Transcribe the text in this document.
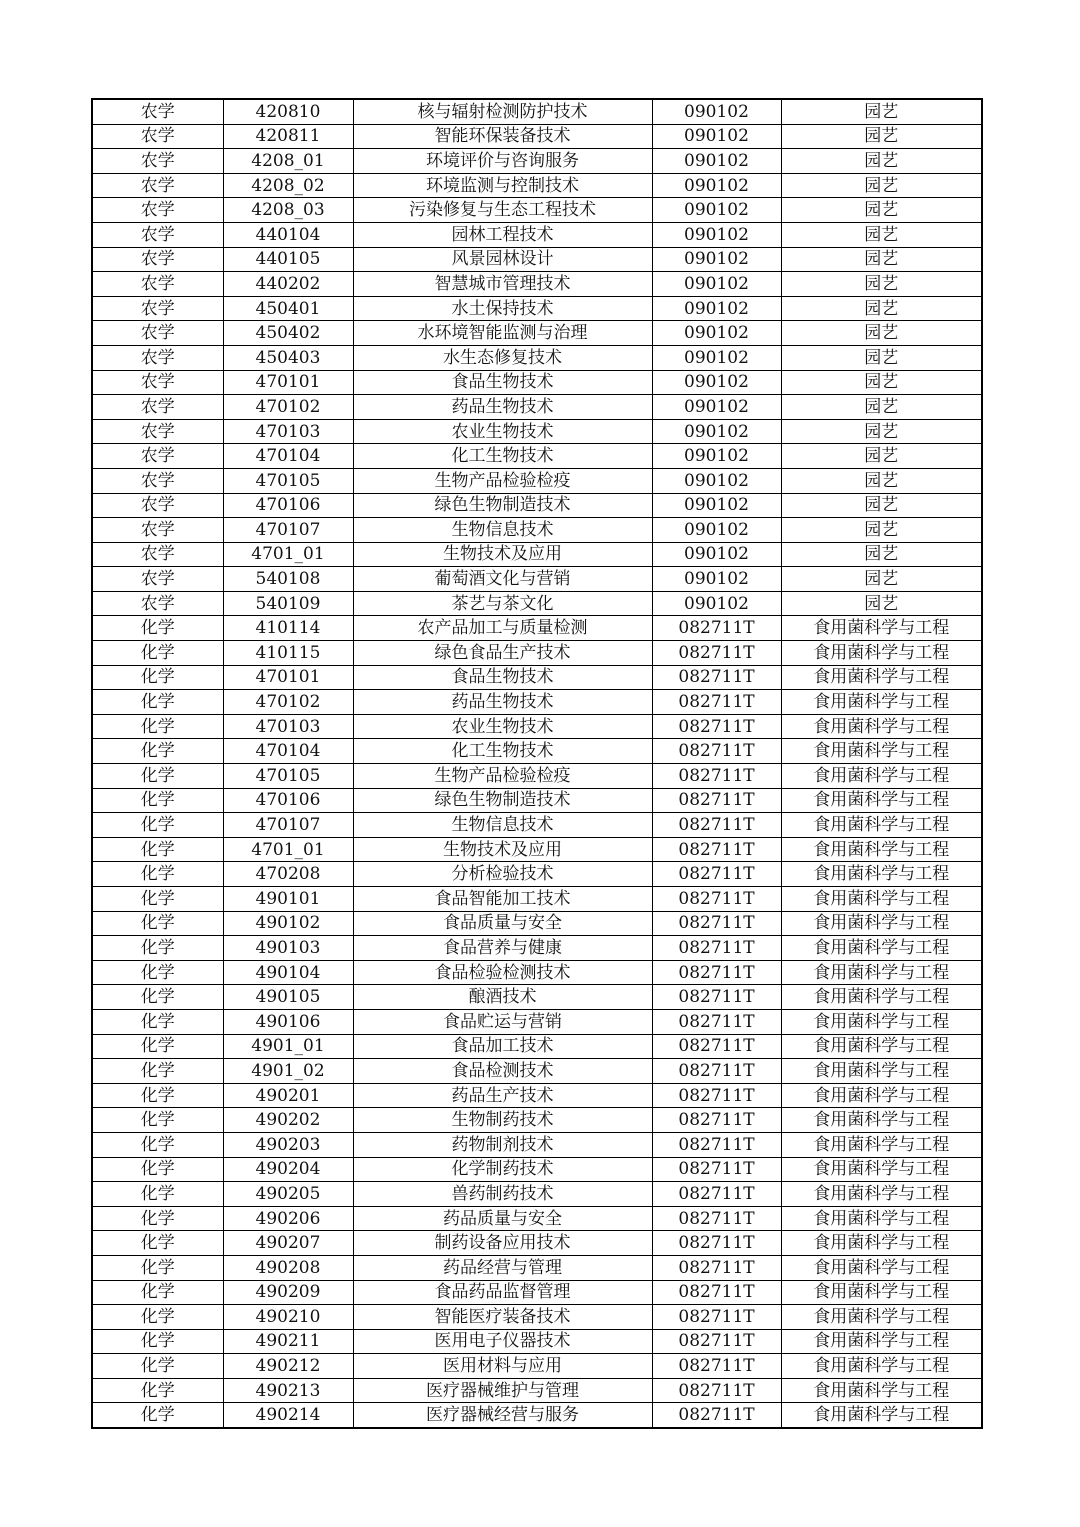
农学	420810	核与辐射检测防护技术	090102	园艺
农学	420811	智能环保装备技术	090102	园艺
农学	4208_01	环境评价与咨询服务	090102	园艺
农学	4208_02	环境监测与控制技术	090102	园艺
农学	4208_03	污染修复与生态工程技术	090102	园艺
农学	440104	园林工程技术	090102	园艺
农学	440105	风景园林设计	090102	园艺
农学	440202	智慧城市管理技术	090102	园艺
农学	450401	水土保持技术	090102	园艺
农学	450402	水环境智能监测与治理	090102	园艺
农学	450403	水生态修复技术	090102	园艺
农学	470101	食品生物技术	090102	园艺
农学	470102	药品生物技术	090102	园艺
农学	470103	农业生物技术	090102	园艺
农学	470104	化工生物技术	090102	园艺
农学	470105	生物产品检验检疫	090102	园艺
农学	470106	绿色生物制造技术	090102	园艺
农学	470107	生物信息技术	090102	园艺
农学	4701_01	生物技术及应用	090102	园艺
农学	540108	葡萄酒文化与营销	090102	园艺
农学	540109	茶艺与茶文化	090102	园艺
化学	410114	农产品加工与质量检测	082711T	食用菌科学与工程
化学	410115	绿色食品生产技术	082711T	食用菌科学与工程
化学	470101	食品生物技术	082711T	食用菌科学与工程
化学	470102	药品生物技术	082711T	食用菌科学与工程
化学	470103	农业生物技术	082711T	食用菌科学与工程
化学	470104	化工生物技术	082711T	食用菌科学与工程
化学	470105	生物产品检验检疫	082711T	食用菌科学与工程
化学	470106	绿色生物制造技术	082711T	食用菌科学与工程
化学	470107	生物信息技术	082711T	食用菌科学与工程
化学	4701_01	生物技术及应用	082711T	食用菌科学与工程
化学	470208	分析检验技术	082711T	食用菌科学与工程
化学	490101	食品智能加工技术	082711T	食用菌科学与工程
化学	490102	食品质量与安全	082711T	食用菌科学与工程
化学	490103	食品营养与健康	082711T	食用菌科学与工程
化学	490104	食品检验检测技术	082711T	食用菌科学与工程
化学	490105	酿酒技术	082711T	食用菌科学与工程
化学	490106	食品贮运与营销	082711T	食用菌科学与工程
化学	4901_01	食品加工技术	082711T	食用菌科学与工程
化学	4901_02	食品检测技术	082711T	食用菌科学与工程
化学	490201	药品生产技术	082711T	食用菌科学与工程
化学	490202	生物制药技术	082711T	食用菌科学与工程
化学	490203	药物制剂技术	082711T	食用菌科学与工程
化学	490204	化学制药技术	082711T	食用菌科学与工程
化学	490205	兽药制药技术	082711T	食用菌科学与工程
化学	490206	药品质量与安全	082711T	食用菌科学与工程
化学	490207	制药设备应用技术	082711T	食用菌科学与工程
化学	490208	药品经营与管理	082711T	食用菌科学与工程
化学	490209	食品药品监督管理	082711T	食用菌科学与工程
化学	490210	智能医疗装备技术	082711T	食用菌科学与工程
化学	490211	医用电子仪器技术	082711T	食用菌科学与工程
化学	490212	医用材料与应用	082711T	食用菌科学与工程
化学	490213	医疗器械维护与管理	082711T	食用菌科学与工程
化学	490214	医疗器械经营与服务	082711T	食用菌科学与工程
